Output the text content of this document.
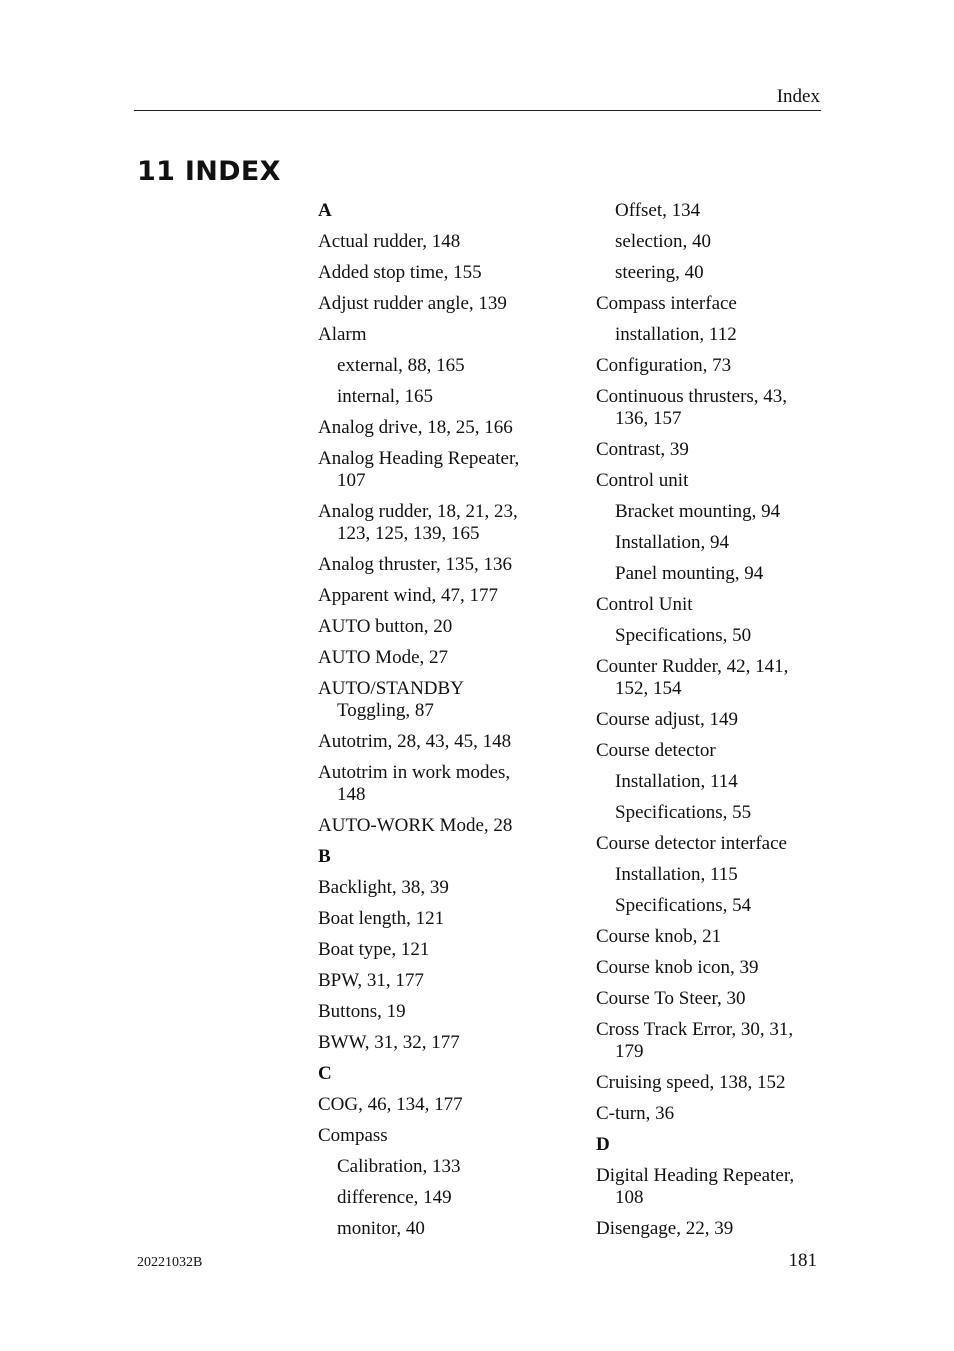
Index
11 INDEX
A
Actual rudder, 148
Added stop time, 155
Adjust rudder angle, 139
Alarm
external, 88, 165
internal, 165
Analog drive, 18, 25, 166
Analog Heading Repeater, 107
Analog rudder, 18, 21, 23, 123, 125, 139, 165
Analog thruster, 135, 136
Apparent wind, 47, 177
AUTO button, 20
AUTO Mode, 27
AUTO/STANDBY Toggling, 87
Autotrim, 28, 43, 45, 148
Autotrim in work modes, 148
AUTO-WORK Mode, 28
B
Backlight, 38, 39
Boat length, 121
Boat type, 121
BPW, 31, 177
Buttons, 19
BWW, 31, 32, 177
C
COG, 46, 134, 177
Compass
Calibration, 133
difference, 149
monitor, 40
Offset, 134
selection, 40
steering, 40
Compass interface
installation, 112
Configuration, 73
Continuous thrusters, 43, 136, 157
Contrast, 39
Control unit
Bracket mounting, 94
Installation, 94
Panel mounting, 94
Control Unit
Specifications, 50
Counter Rudder, 42, 141, 152, 154
Course adjust, 149
Course detector
Installation, 114
Specifications, 55
Course detector interface
Installation, 115
Specifications, 54
Course knob, 21
Course knob icon, 39
Course To Steer, 30
Cross Track Error, 30, 31, 179
Cruising speed, 138, 152
C-turn, 36
D
Digital Heading Repeater, 108
Disengage, 22, 39
20221032B	181
